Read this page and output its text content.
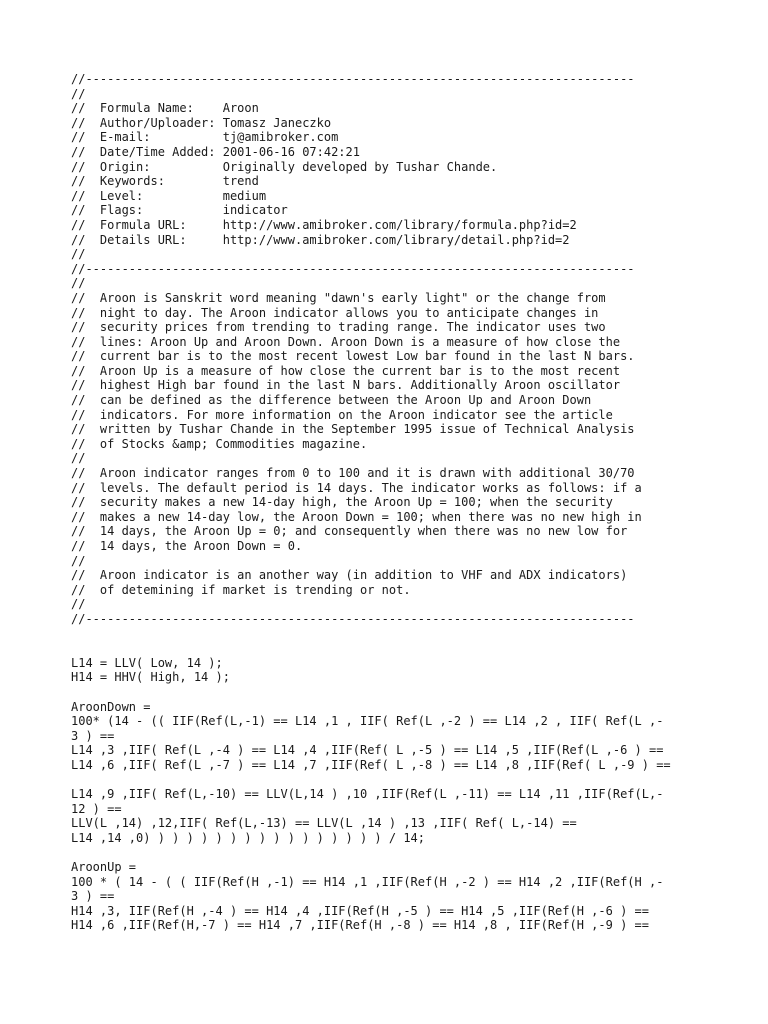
//----------------------------------------------------------------------------
//
//  Formula Name:    Aroon
//  Author/Uploader: Tomasz Janeczko
//  E-mail:          tj@amibroker.com
//  Date/Time Added: 2001-06-16 07:42:21
//  Origin:          Originally developed by Tushar Chande.
//  Keywords:        trend
//  Level:           medium
//  Flags:           indicator
//  Formula URL:     http://www.amibroker.com/library/formula.php?id=2
//  Details URL:     http://www.amibroker.com/library/detail.php?id=2
//
//----------------------------------------------------------------------------
//
//  Aroon is Sanskrit word meaning "dawn's early light" or the change from
//  night to day. The Aroon indicator allows you to anticipate changes in
//  security prices from trending to trading range. The indicator uses two
//  lines: Aroon Up and Aroon Down. Aroon Down is a measure of how close the
//  current bar is to the most recent lowest Low bar found in the last N bars.
//  Aroon Up is a measure of how close the current bar is to the most recent
//  highest High bar found in the last N bars. Additionally Aroon oscillator
//  can be defined as the difference between the Aroon Up and Aroon Down
//  indicators. For more information on the Aroon indicator see the article
//  written by Tushar Chande in the September 1995 issue of Technical Analysis
//  of Stocks &amp; Commodities magazine.
//
//  Aroon indicator ranges from 0 to 100 and it is drawn with additional 30/70
//  levels. The default period is 14 days. The indicator works as follows: if a
//  security makes a new 14-day high, the Aroon Up = 100; when the security
//  makes a new 14-day low, the Aroon Down = 100; when there was no new high in
//  14 days, the Aroon Up = 0; and consequently when there was no new low for
//  14 days, the Aroon Down = 0.
//
//  Aroon indicator is an another way (in addition to VHF and ADX indicators)
//  of detemining if market is trending or not.
//
//----------------------------------------------------------------------------
L14 = LLV( Low, 14 );
H14 = HHV( High, 14 );
AroonDown =
100* (14 - (( IIF(Ref(L,-1) == L14 ,1 , IIF( Ref(L ,-2 ) == L14 ,2 , IIF( Ref(L ,-
3 ) ==
L14 ,3 ,IIF( Ref(L ,-4 ) == L14 ,4 ,IIF(Ref( L ,-5 ) == L14 ,5 ,IIF(Ref(L ,-6 ) ==
L14 ,6 ,IIF( Ref(L ,-7 ) == L14 ,7 ,IIF(Ref( L ,-8 ) == L14 ,8 ,IIF(Ref( L ,-9 ) ==
L14 ,9 ,IIF( Ref(L,-10) == LLV(L,14 ) ,10 ,IIF(Ref(L ,-11) == L14 ,11 ,IIF(Ref(L,-
12 ) ==
LLV(L ,14) ,12,IIF( Ref(L,-13) == LLV(L ,14 ) ,13 ,IIF( Ref( L,-14) ==
L14 ,14 ,0) ) ) ) ) ) ) ) ) ) ) ) ) ) ) ) ) / 14;
AroonUp =
100 * ( 14 - ( ( IIF(Ref(H ,-1) == H14 ,1 ,IIF(Ref(H ,-2 ) == H14 ,2 ,IIF(Ref(H ,-
3 ) ==
H14 ,3, IIF(Ref(H ,-4 ) == H14 ,4 ,IIF(Ref(H ,-5 ) == H14 ,5 ,IIF(Ref(H ,-6 ) ==
H14 ,6 ,IIF(Ref(H,-7 ) == H14 ,7 ,IIF(Ref(H ,-8 ) == H14 ,8 , IIF(Ref(H ,-9 ) ==
